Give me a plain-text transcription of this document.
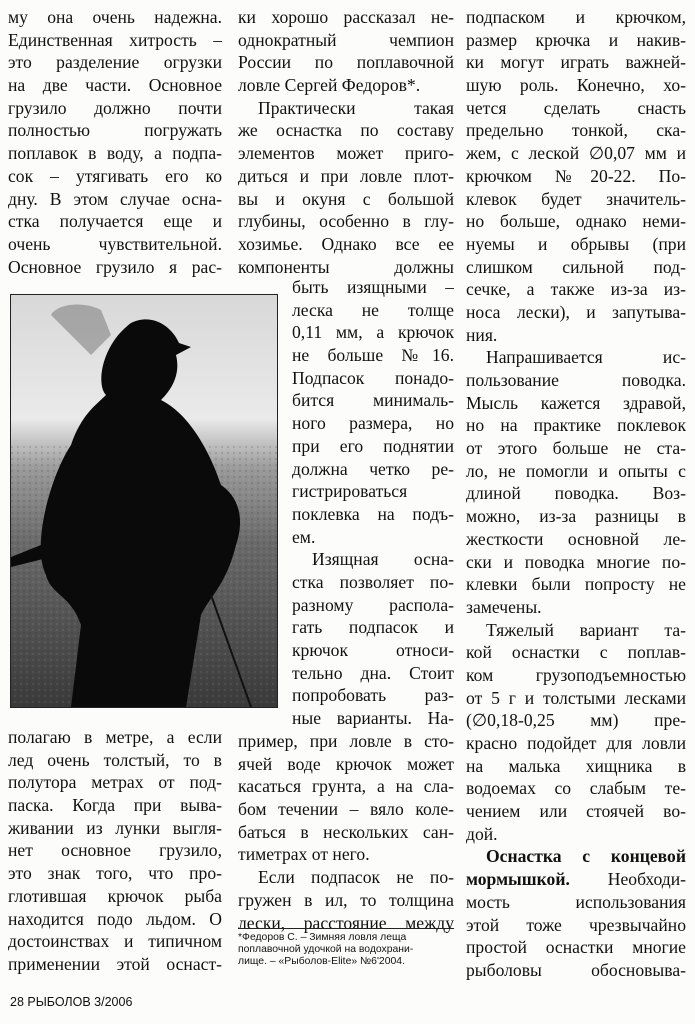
му она очень надежна.
Единственная хитрость –
это разделение огрузки
на две части. Основное
грузило должно почти
полностью погружать
поплавок в воду, а подпа-
сок – утягивать его ко
дну. В этом случае осна-
стка получается еще и
очень чувствительной.
Основное грузило я рас-
полагаю в метре, а если
лед очень толстый, то в
полутора метрах от под-
паска. Когда при выва-
живании из лунки выгля-
нет основное грузило,
это знак того, что про-
глотившая крючок рыба
находится подо льдом. О
достоинствах и типичном
применении этой оснаст-
ки хорошо рассказал не-
однократный чемпион
России по поплавочной
ловле Сергей Федоров*.
Практически такая
же оснастка по составу
элементов может приго-
диться и при ловле плот-
вы и окуня с большой
глубины, особенно в глу-
хозимье. Однако все ее
компоненты должны
быть изящными –
леска не толще
0,11 мм, а крючок
не больше №16.
Подпасок понадо-
бится минималь-
ного размера, но
при его поднятии
должна четко ре-
гистрироваться
поклевка на подъ-
ем.
Изящная осна-
стка позволяет по-
разному распола-
гать подпасок и
крючок относи-
тельно дна. Стоит
попробовать раз-
ные варианты. На-
пример, при ловле в сто-
ячей воде крючок может
касаться грунта, а на сла-
бом течении – вяло коле-
баться в нескольких сан-
тиметрах от него.
Если подпасок не по-
гружен в ил, то толщина
лески, расстояние между
подпаском и крючком,
размер крючка и накив-
ки могут играть важней-
шую роль. Конечно, хо-
чется сделать снасть
предельно тонкой, ска-
жем, с леской ∅0,07 мм и
крючком №20-22. По-
клевок будет значитель-
но больше, однако неми-
нуемы и обрывы (при
слишком сильной под-
сечке, а также из-за из-
носа лески), и запутыва-
ния.
Напрашивается ис-
пользование поводка.
Мысль кажется здравой,
но на практике поклевок
от этого больше не ста-
ло, не помогли и опыты с
длиной поводка. Воз-
можно, из-за разницы в
жесткости основной ле-
ски и поводка многие по-
клевки были попросту не
замечены.
Тяжелый вариант та-
кой оснастки с поплав-
ком грузоподъемностью
от 5 г и толстыми лесками
(∅0,18-0,25 мм) пре-
красно подойдет для ловли
на малька хищника в
водоемах со слабым те-
чением или стоячей во-
дой.
Оснастка с концевой
мормышкой. Необходи-
мость использования
этой тоже чрезвычайно
простой оснастки многие
рыболовы обосновыва-
*Федоров С. – Зимняя ловля леща
поплавочной удочкой на водохрани-
лище. – «Рыболов-Elite» №6'2004.
28 РЫБОЛОВ 3/2006
